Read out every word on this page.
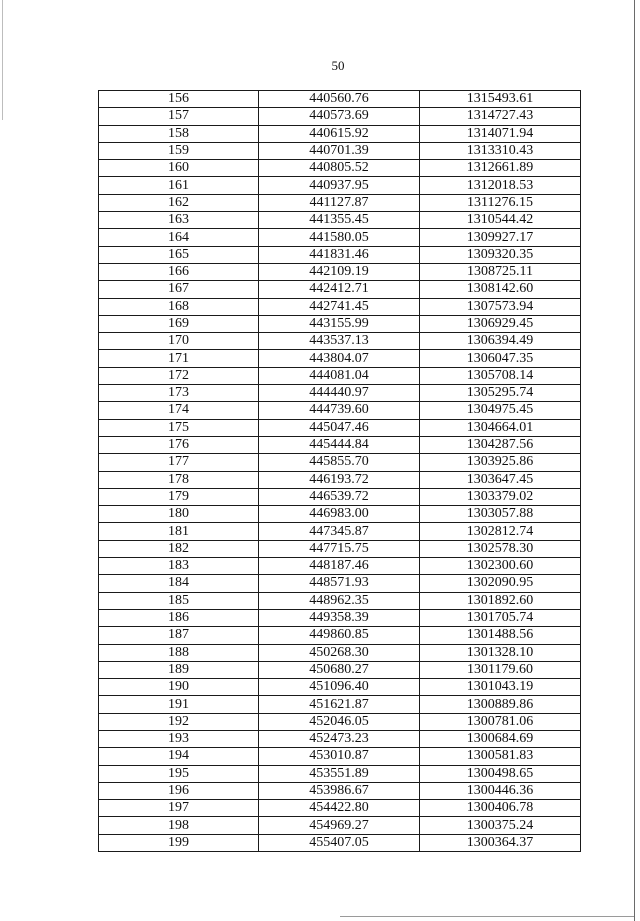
50
156	440560.76	1315493.61
157	440573.69	1314727.43
158	440615.92	1314071.94
159	440701.39	1313310.43
160	440805.52	1312661.89
161	440937.95	1312018.53
162	441127.87	1311276.15
163	441355.45	1310544.42
164	441580.05	1309927.17
165	441831.46	1309320.35
166	442109.19	1308725.11
167	442412.71	1308142.60
168	442741.45	1307573.94
169	443155.99	1306929.45
170	443537.13	1306394.49
171	443804.07	1306047.35
172	444081.04	1305708.14
173	444440.97	1305295.74
174	444739.60	1304975.45
175	445047.46	1304664.01
176	445444.84	1304287.56
177	445855.70	1303925.86
178	446193.72	1303647.45
179	446539.72	1303379.02
180	446983.00	1303057.88
181	447345.87	1302812.74
182	447715.75	1302578.30
183	448187.46	1302300.60
184	448571.93	1302090.95
185	448962.35	1301892.60
186	449358.39	1301705.74
187	449860.85	1301488.56
188	450268.30	1301328.10
189	450680.27	1301179.60
190	451096.40	1301043.19
191	451621.87	1300889.86
192	452046.05	1300781.06
193	452473.23	1300684.69
194	453010.87	1300581.83
195	453551.89	1300498.65
196	453986.67	1300446.36
197	454422.80	1300406.78
198	454969.27	1300375.24
199	455407.05	1300364.37
